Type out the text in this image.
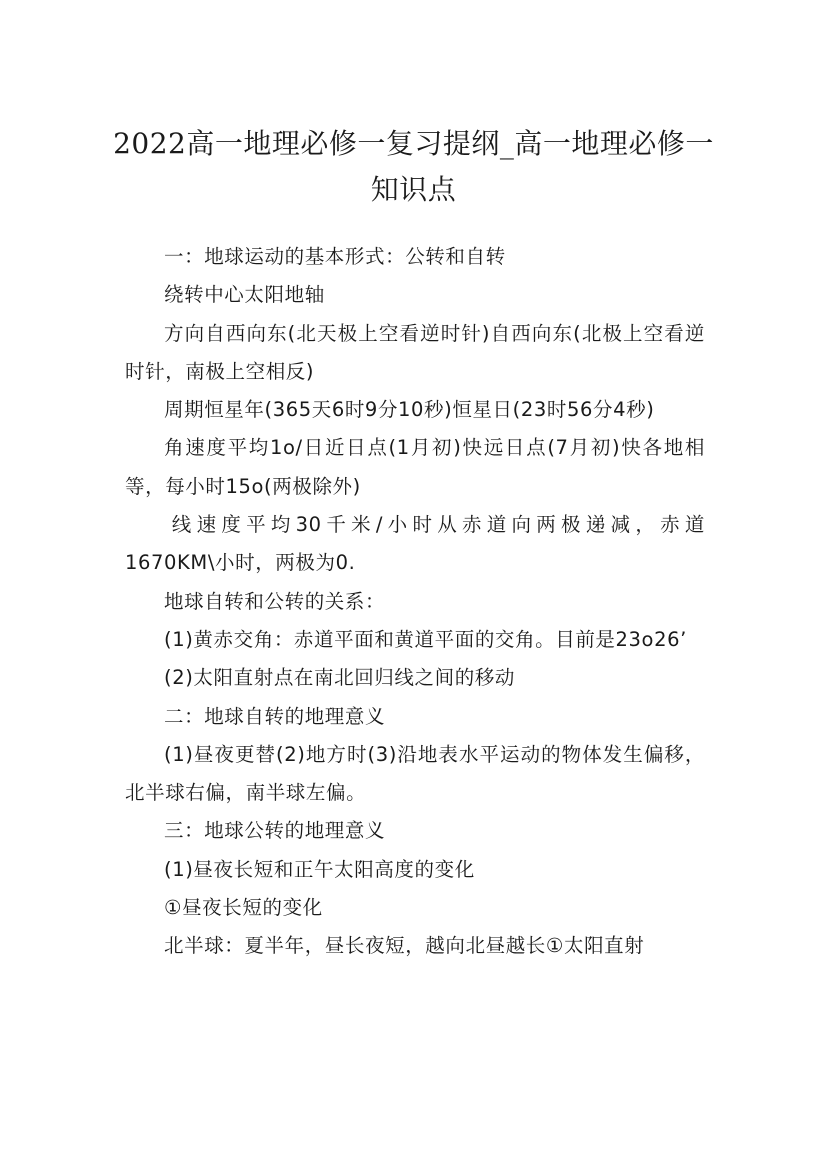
2022高一地理必修一复习提纲_高一地理必修一知识点

一：地球运动的基本形式：公转和自转

绕转中心太阳地轴

方向自西向东(北天极上空看逆时针)自西向东(北极上空看逆时针，南极上空相反)

周期恒星年(365天6时9分10秒)恒星日(23时56分4秒)

角速度平均1o/日近日点(1月初)快远日点(7月初)快各地相等，每小时15o(两极除外)

线速度平均30千米/小时从赤道向两极递减，赤道1670KM\小时，两极为0.

地球自转和公转的关系：

(1)黄赤交角：赤道平面和黄道平面的交角。目前是23o26’

(2)太阳直射点在南北回归线之间的移动

二：地球自转的地理意义

(1)昼夜更替(2)地方时(3)沿地表水平运动的物体发生偏移，北半球右偏，南半球左偏。

三：地球公转的地理意义

(1)昼夜长短和正午太阳高度的变化

①昼夜长短的变化

北半球：夏半年，昼长夜短，越向北昼越长①太阳直射
